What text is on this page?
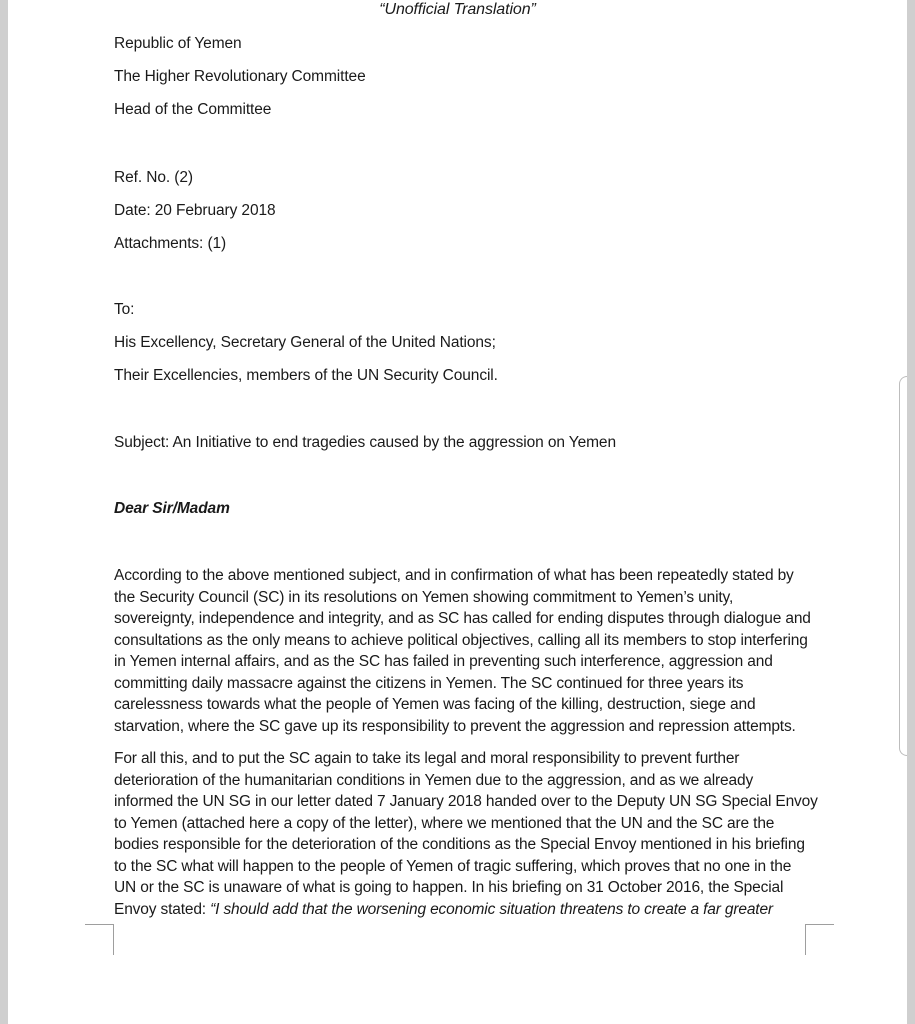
“Unofficial Translation”
Republic of Yemen
The Higher Revolutionary Committee
Head of the Committee
Ref. No. (2)
Date: 20 February 2018
Attachments: (1)
To:
His Excellency, Secretary General of the United Nations;
Their Excellencies, members of the UN Security Council.
Subject: An Initiative to end tragedies caused by the aggression on Yemen
Dear Sir/Madam
According to the above mentioned subject, and in confirmation of what has been repeatedly stated by
the Security Council (SC) in its resolutions on Yemen showing commitment to Yemen’s unity,
sovereignty, independence and integrity, and as SC has called for ending disputes through dialogue and
consultations as the only means to achieve political objectives, calling all its members to stop interfering
in Yemen internal affairs, and as the SC has failed in preventing such interference, aggression and
committing daily massacre against the citizens in Yemen. The SC continued for three years its
carelessness towards what the people of Yemen was facing of the killing, destruction, siege and
starvation, where the SC gave up its responsibility to prevent the aggression and repression attempts.
For all this, and to put the SC again to take its legal and moral responsibility to prevent further
deterioration of the humanitarian conditions in Yemen due to the aggression, and as we already
informed the UN SG in our letter dated 7 January 2018 handed over to the Deputy UN SG Special Envoy
to Yemen (attached here a copy of the letter), where we mentioned that the UN and the SC are the
bodies responsible for the deterioration of the conditions as the Special Envoy mentioned in his briefing
to the SC what will happen to the people of Yemen of tragic suffering, which proves that no one in the
UN or the SC is unaware of what is going to happen. In his briefing on 31 October 2016, the Special
Envoy stated: “I should add that the worsening economic situation threatens to create a far greater
